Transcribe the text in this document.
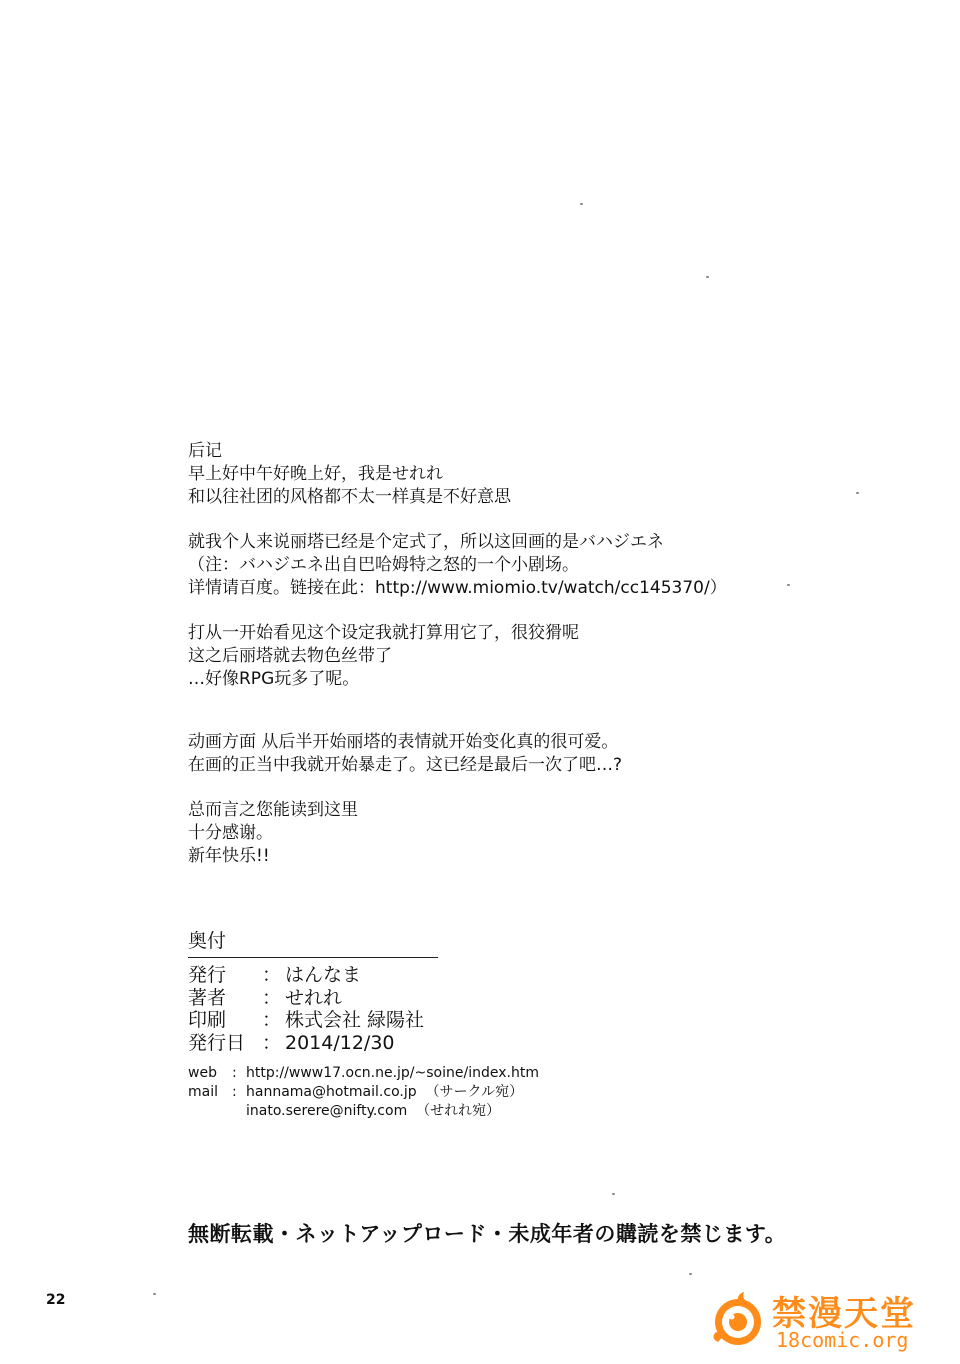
后记

早上好中午好晚上好，我是せれれ

和以往社团的风格都不太一样真是不好意思

就我个人来说丽塔已经是个定式了，所以这回画的是バハジエネ

（注：バハジエネ出自巴哈姆特之怒的一个小剧场。

详情请百度。链接在此：http://www.miomio.tv/watch/cc145370/）

打从一开始看见这个设定我就打算用它了，很狡猾呢

这之后丽塔就去物色丝带了

…好像RPG玩多了呢。

动画方面 从后半开始丽塔的表情就开始变化真的很可爱。

在画的正当中我就开始暴走了。这已经是最后一次了吧…?

总而言之您能读到这里

十分感谢。

新年快乐!!

奥付
発行	： はんなま
著者	： せれれ
印刷	： 株式会社 緑陽社
発行日 ： 2014/12/30
web	: http://www17.ocn.ne.jp/~soine/index.htm
mail	: hannama@hotmail.co.jp  （サークル宛）
inato.serere@nifty.com  （せれれ宛）
無断転載・ネットアップロード・未成年者の購読を禁じます。
22	禁漫天堂
18comic.org
